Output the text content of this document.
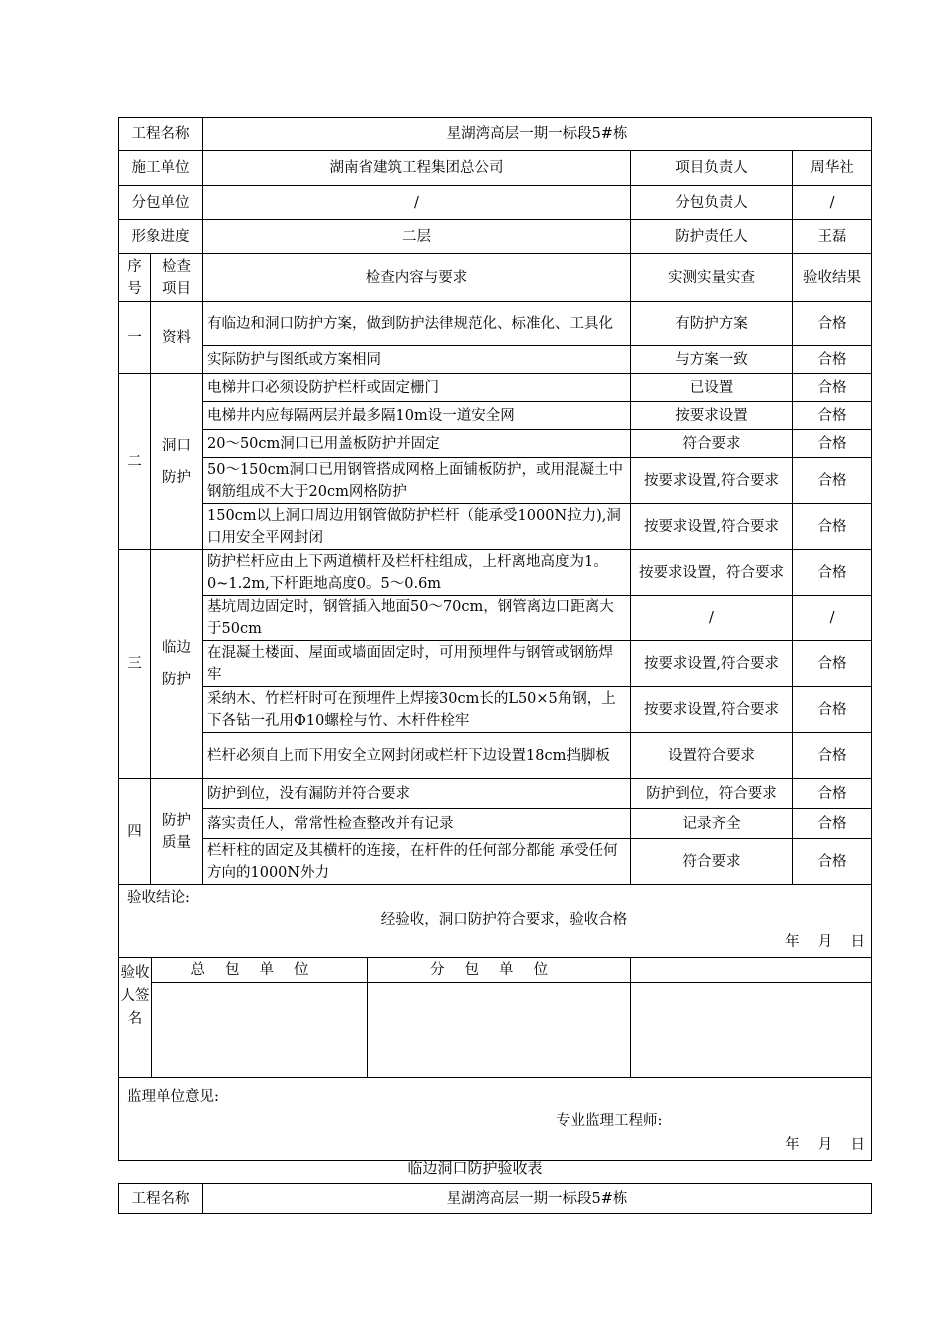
工程名称		星湖湾高层一期一标段5#栋		
施工单位		湖南省建筑工程集团总公司	项目负责人	周华社
分包单位		/	分包负责人	/
形象进度		二层	防护责任人	王磊
序号	检查项目	检查内容与要求	实测实量实查	验收结果
一	资料	有临边和洞口防护方案，做到防护法律规范化、标准化、工具化	有防护方案	合格
		实际防护与图纸或方案相同	与方案一致	合格
二	洞口防护	电梯井口必须设防护栏杆或固定栅门	已设置	合格
		电梯井内应每隔两层并最多隔10m设一道安全网	按要求设置	合格
		20～50cm洞口已用盖板防护并固定	符合要求	合格
		50～150cm洞口已用钢管搭成网格上面铺板防护，或用混凝土中钢筋组成不大于20cm网格防护	按要求设置,符合要求	合格
		150cm以上洞口周边用钢管做防护栏杆（能承受1000N拉力),洞口用安全平网封闭	按要求设置,符合要求	合格
三	临边防护	防护栏杆应由上下两道横杆及栏杆柱组成，上杆离地高度为1。0~1.2m,下杆距地高度0。5～0.6m	按要求设置，符合要求	合格
		基坑周边固定时，钢管插入地面50～70cm，钢管离边口距离大于50cm	/	/
		在混凝土楼面、屋面或墙面固定时，可用预埋件与钢管或钢筋焊牢	按要求设置,符合要求	合格
		采纳木、竹栏杆时可在预埋件上焊接30cm长的L50×5角钢，上下各钻一孔用Φ10螺栓与竹、木杆件栓牢	按要求设置,符合要求	合格
		栏杆必须自上而下用安全立网封闭或栏杆下边设置18cm挡脚板	设置符合要求	合格
四	防护质量	防护到位，没有漏防并符合要求	防护到位，符合要求	合格
		落实责任人，常常性检查整改并有记录	记录齐全	合格
		栏杆柱的固定及其横杆的连接，在杆件的任何部分都能 承受任何方向的1000N外力	符合要求	合格

验收结论:
经验收，洞口防护符合要求，验收合格
年  月  日				

验收人签名
总包单位 分包单位				

监理单位意见:
专业监理工程师:
年  月  日				
临边洞口防护验收表
工程名称	星湖湾高层一期一标段5#栋
